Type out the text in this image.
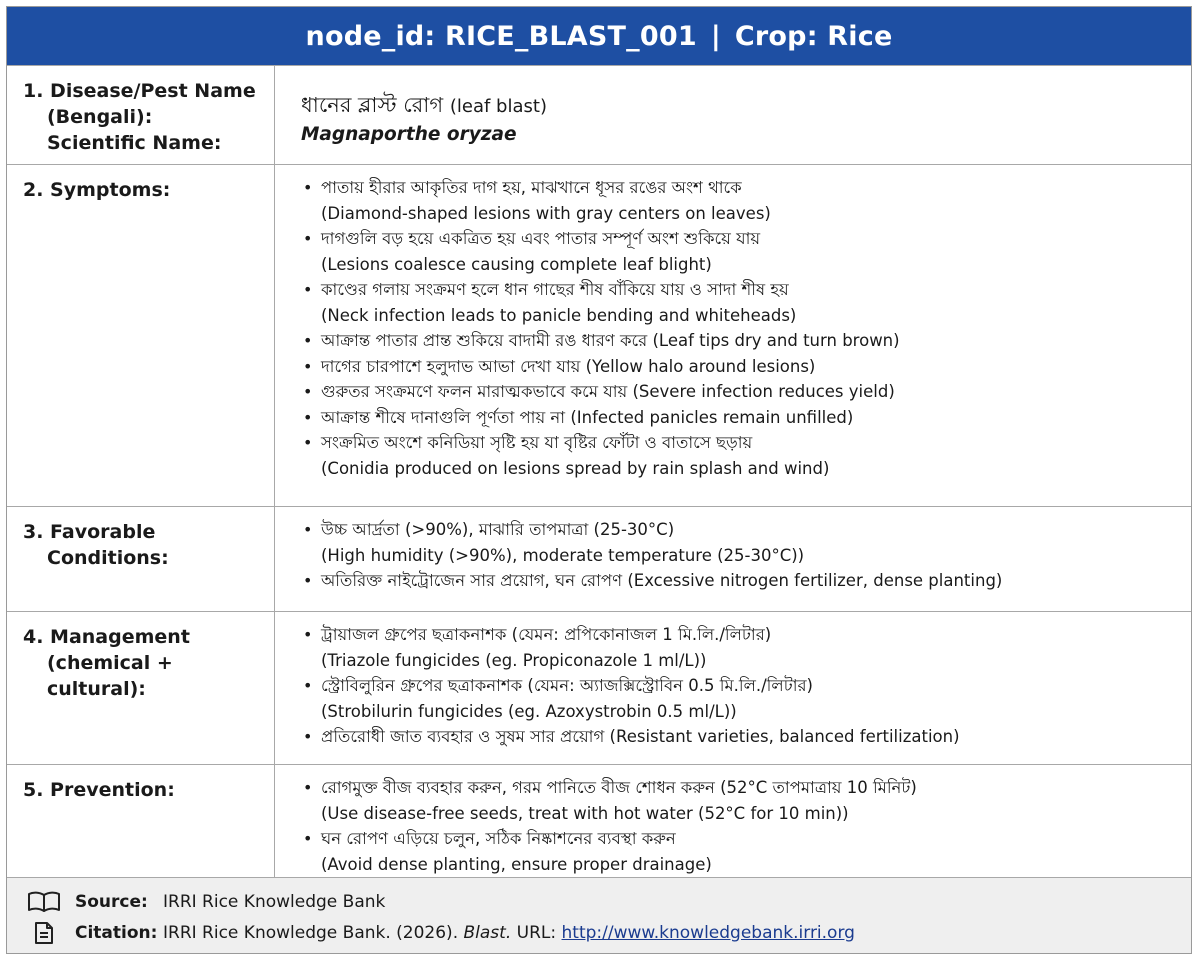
node_id: RICE_BLAST_001 | Crop: Rice
1. Disease/Pest Name
(Bengali):
Scientific Name:
ধানের ব্লাস্ট রোগ (leaf blast)
Magnaporthe oryzae
2. Symptoms:	• পাতায় হীরার আকৃতির দাগ হয়, মাঝখানে ধূসর রঙের অংশ থাকে
(Diamond-shaped lesions with gray centers on leaves)
• দাগগুলি বড় হয়ে একত্রিত হয় এবং পাতার সম্পূর্ণ অংশ শুকিয়ে যায়
(Lesions coalesce causing complete leaf blight)
• কাণ্ডের গলায় সংক্রমণ হলে ধান গাছের শীষ বাঁকিয়ে যায় ও সাদা শীষ হয়
(Neck infection leads to panicle bending and whiteheads)
• আক্রান্ত পাতার প্রান্ত শুকিয়ে বাদামী রঙ ধারণ করে (Leaf tips dry and turn brown)
• দাগের চারপাশে হলুদাভ আভা দেখা যায় (Yellow halo around lesions)
• গুরুতর সংক্রমণে ফলন মারাত্মকভাবে কমে যায় (Severe infection reduces yield)
• আক্রান্ত শীষে দানাগুলি পূর্ণতা পায় না (Infected panicles remain unfilled)
• সংক্রমিত অংশে কনিডিয়া সৃষ্টি হয় যা বৃষ্টির ফোঁটা ও বাতাসে ছড়ায়
(Conidia produced on lesions spread by rain splash and wind)
3. Favorable
Conditions:
• উচ্চ আর্দ্রতা (>90%), মাঝারি তাপমাত্রা (25-30°C)
(High humidity (>90%), moderate temperature (25-30°C))
• অতিরিক্ত নাইট্রোজেন সার প্রয়োগ, ঘন রোপণ (Excessive nitrogen fertilizer, dense planting)
4. Management
(chemical + cultural):
• ট্রায়াজল গ্রুপের ছত্রাকনাশক (যেমন: প্রপিকোনাজল 1 মি.লি./লিটার)
(Triazole fungicides (eg. Propiconazole 1 ml/L))
• স্ট্রোবিলুরিন গ্রুপের ছত্রাকনাশক (যেমন: অ্যাজক্সিস্ট্রোবিন 0.5 মি.লি./লিটার)
(Strobilurin fungicides (eg. Azoxystrobin 0.5 ml/L))
• প্রতিরোধী জাত ব্যবহার ও সুষম সার প্রয়োগ (Resistant varieties, balanced fertilization)
5. Prevention:	• রোগমুক্ত বীজ ব্যবহার করুন, গরম পানিতে বীজ শোধন করুন (52°C তাপমাত্রায় 10 মিনিট)
(Use disease-free seeds, treat with hot water (52°C for 10 min))
• ঘন রোপণ এড়িয়ে চলুন, সঠিক নিষ্কাশনের ব্যবস্থা করুন
(Avoid dense planting, ensure proper drainage)
Source: IRRI Rice Knowledge Bank
Citation: IRRI Rice Knowledge Bank. (2026). Blast. URL: http://www.knowledgebank.irri.org
